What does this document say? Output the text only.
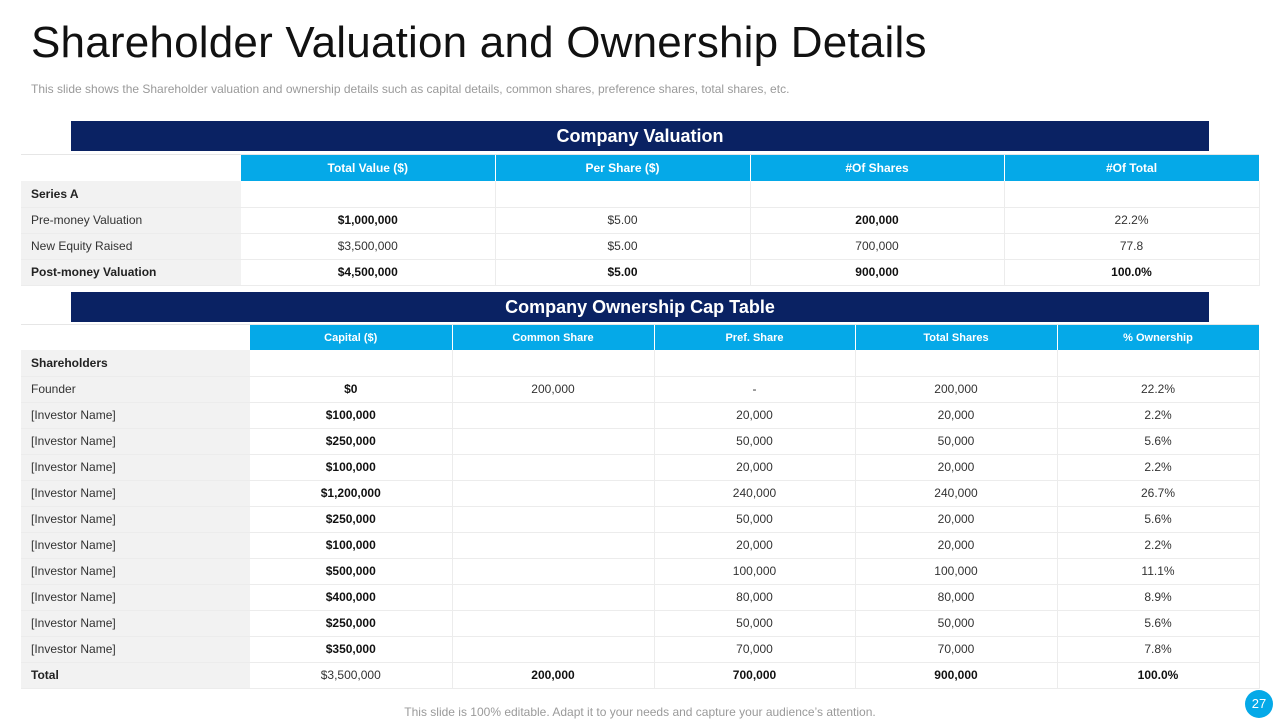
Shareholder Valuation and Ownership Details
This slide shows the Shareholder valuation and ownership details such as capital details, common shares, preference shares, total shares, etc.
Company Valuation
	Total Value ($)	Per Share ($)	#Of Shares	#Of Total
Series A				
Pre-money Valuation	$1,000,000	$5.00	200,000	22.2%
New Equity Raised	$3,500,000	$5.00	700,000	77.8
Post-money Valuation	$4,500,000	$5.00	900,000	100.0%
Company Ownership Cap Table
	Capital ($)	Common Share	Pref. Share	Total Shares	% Ownership
Shareholders					
Founder	$0	200,000	-	200,000	22.2%
[Investor Name]	$100,000		20,000	20,000	2.2%
[Investor Name]	$250,000		50,000	50,000	5.6%
[Investor Name]	$100,000		20,000	20,000	2.2%
[Investor Name]	$1,200,000		240,000	240,000	26.7%
[Investor Name]	$250,000		50,000	20,000	5.6%
[Investor Name]	$100,000		20,000	20,000	2.2%
[Investor Name]	$500,000		100,000	100,000	11.1%
[Investor Name]	$400,000		80,000	80,000	8.9%
[Investor Name]	$250,000		50,000	50,000	5.6%
[Investor Name]	$350,000		70,000	70,000	7.8%
Total	$3,500,000	200,000	700,000	900,000	100.0%
This slide is 100% editable. Adapt it to your needs and capture your audience’s attention.
27
